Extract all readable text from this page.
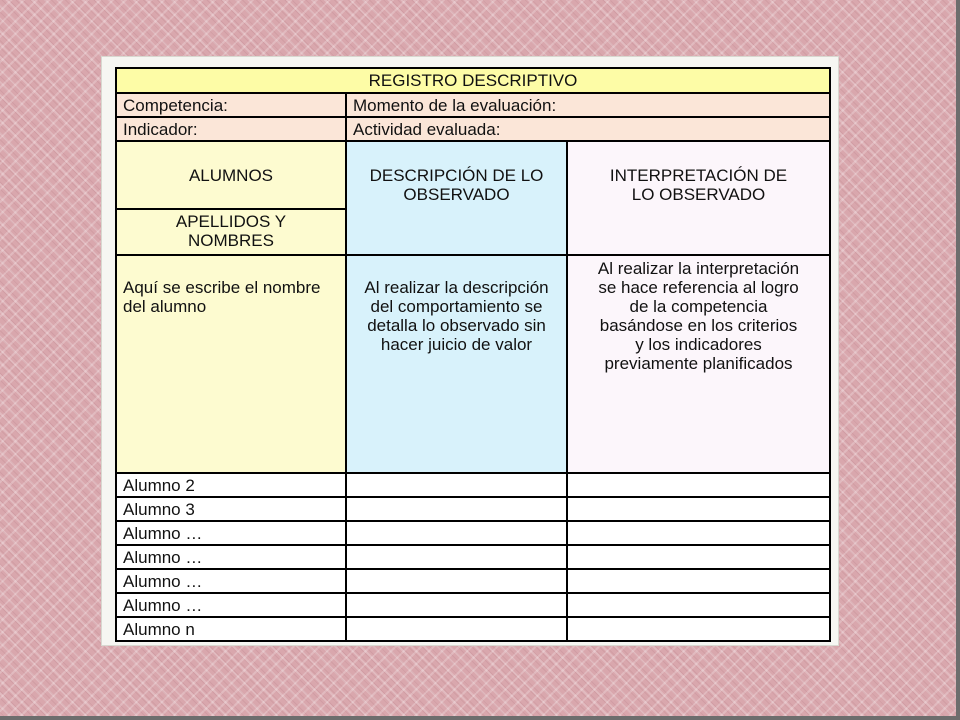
REGISTRO DESCRIPTIVO		
Competencia:	Momento de la evaluación:	
Indicador:	Actividad evaluada:	
ALUMNOS	DESCRIPCIÓN DE LO OBSERVADO	INTERPRETACIÓN DE LO OBSERVADO
APELLIDOS Y NOMBRES		
Aquí se escribe el nombre del alumno	Al realizar la descripción del comportamiento se detalla lo observado sin hacer juicio de valor	Al realizar la interpretación se hace referencia al logro de la competencia basándose en los criterios y los indicadores previamente planificados
Alumno 2		
Alumno 3		
Alumno …		
Alumno …		
Alumno …		
Alumno …		
Alumno n		
